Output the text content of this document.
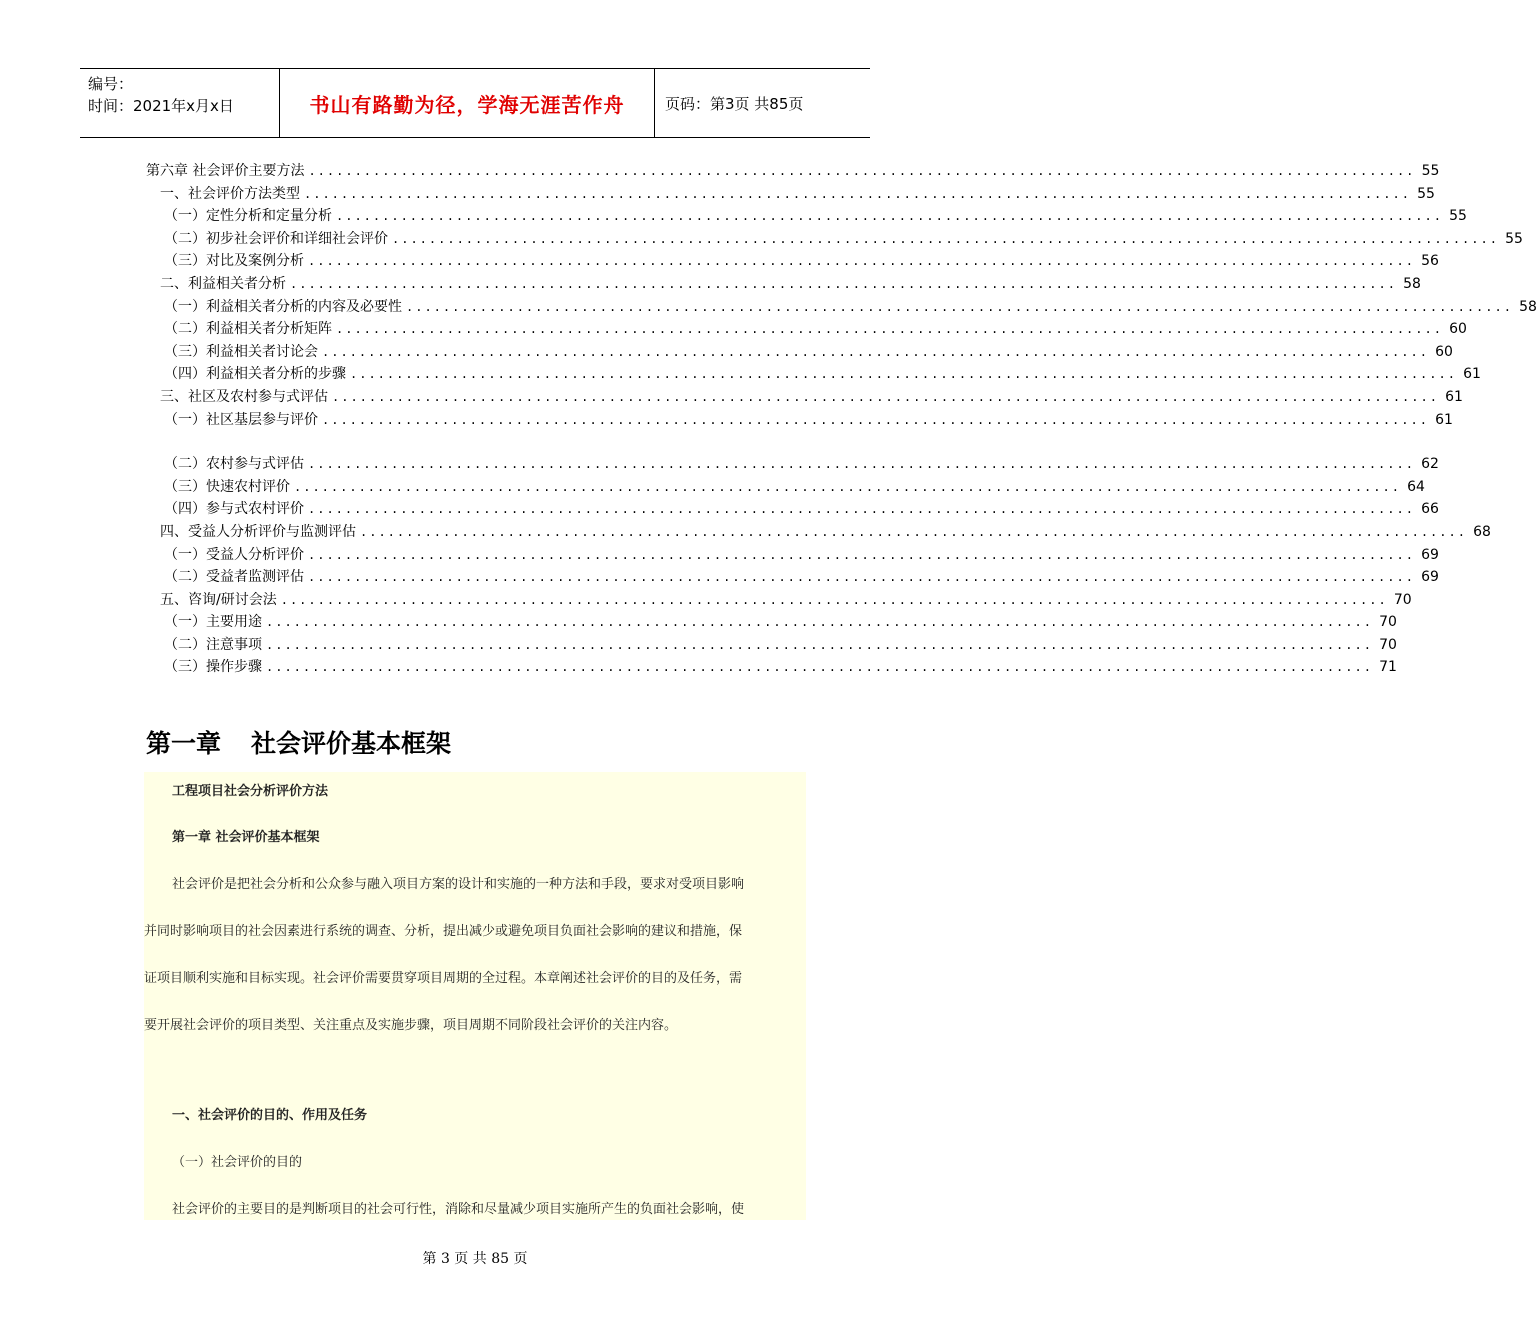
编号：
时间：2021年x月x日	书山有路勤为径，学海无涯苦作舟	页码：第3页 共85页
第六章 社会评价主要方法 ........................................................................................................................ 55
一、社会评价方法类型 ........................................................................................................................ 55
（一）定性分析和定量分析 ........................................................................................................................ 55
（二）初步社会评价和详细社会评价 ........................................................................................................................ 55
（三）对比及案例分析 ........................................................................................................................ 56
二、利益相关者分析 ........................................................................................................................ 58
（一）利益相关者分析的内容及必要性 ........................................................................................................................ 58
（二）利益相关者分析矩阵 ........................................................................................................................ 60
（三）利益相关者讨论会 ........................................................................................................................ 60
（四）利益相关者分析的步骤 ........................................................................................................................ 61
三、社区及农村参与式评估 ........................................................................................................................ 61
（一）社区基层参与评价 ........................................................................................................................ 61
（二）农村参与式评估 ........................................................................................................................ 62
（三）快速农村评价 ........................................................................................................................ 64
（四）参与式农村评价 ........................................................................................................................ 66
四、受益人分析评价与监测评估 ........................................................................................................................ 68
（一）受益人分析评价 ........................................................................................................................ 69
（二）受益者监测评估 ........................................................................................................................ 69
五、咨询/研讨会法 ........................................................................................................................ 70
（一）主要用途 ........................................................................................................................ 70
（二）注意事项 ........................................................................................................................ 70
（三）操作步骤 ........................................................................................................................ 71
第一章 社会评价基本框架
工程项目社会分析评价方法
第一章 社会评价基本框架
社会评价是把社会分析和公众参与融入项目方案的设计和实施的一种方法和手段，要求对受项目影响
并同时影响项目的社会因素进行系统的调查、分析，提出减少或避免项目负面社会影响的建议和措施，保
证项目顺利实施和目标实现。社会评价需要贯穿项目周期的全过程。本章阐述社会评价的目的及任务，需
要开展社会评价的项目类型、关注重点及实施步骤，项目周期不同阶段社会评价的关注内容。
一、社会评价的目的、作用及任务
（一）社会评价的目的
社会评价的主要目的是判断项目的社会可行性，消除和尽量减少项目实施所产生的负面社会影响，使
第 3 页 共 85 页
